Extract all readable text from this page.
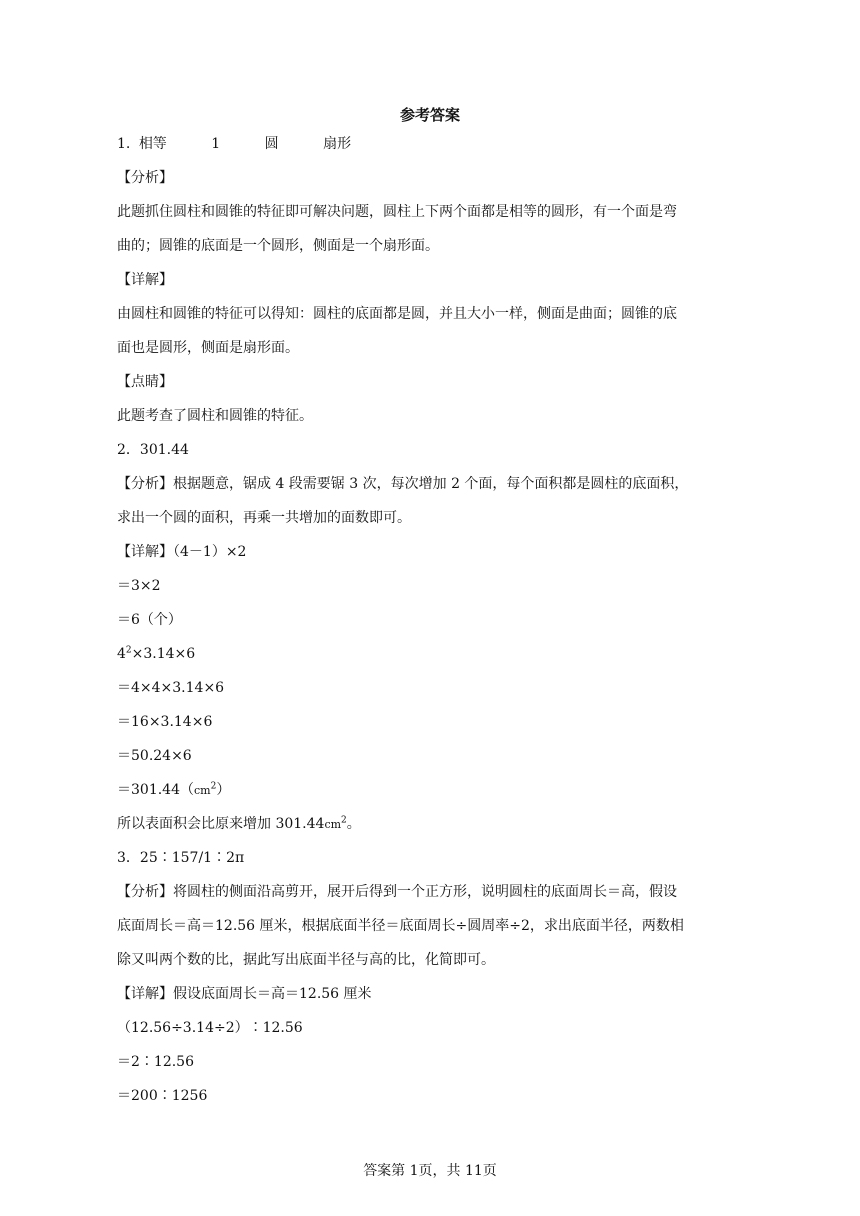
参考答案
1. 相等	1	圆	扇形
【分析】
此题抓住圆柱和圆锥的特征即可解决问题，圆柱上下两个面都是相等的圆形，有一个面是弯
曲的；圆锥的底面是一个圆形，侧面是一个扇形面。
【详解】
由圆柱和圆锥的特征可以得知：圆柱的底面都是圆，并且大小一样，侧面是曲面；圆锥的底
面也是圆形，侧面是扇形面。
【点睛】
此题考查了圆柱和圆锥的特征。
2．301.44
【分析】根据题意，锯成 4 段需要锯 3 次，每次增加 2 个面，每个面积都是圆柱的底面积，
求出一个圆的面积，再乘一共增加的面数即可。
【详解】（4－1）×2
＝3×2
＝6（个）
$4^2\times 3.14\times 6$
＝4×4×3.14×6
＝16×3.14×6
＝50.24×6
$=301.44(cm^2)$
所以表面积会比原来增加 $301.44cm^2$。
3．25∶157/1∶2π
【分析】将圆柱的侧面沿高剪开，展开后得到一个正方形，说明圆柱的底面周长＝高，假设
底面周长＝高＝12.56 厘米，根据底面半径＝底面周长÷圆周率÷2，求出底面半径，两数相
除又叫两个数的比，据此写出底面半径与高的比，化简即可。
【详解】假设底面周长＝高＝12.56 厘米
（12.56÷3.14÷2）∶12.56
＝2∶12.56
＝200∶1256
答案第 1页，共 11页
